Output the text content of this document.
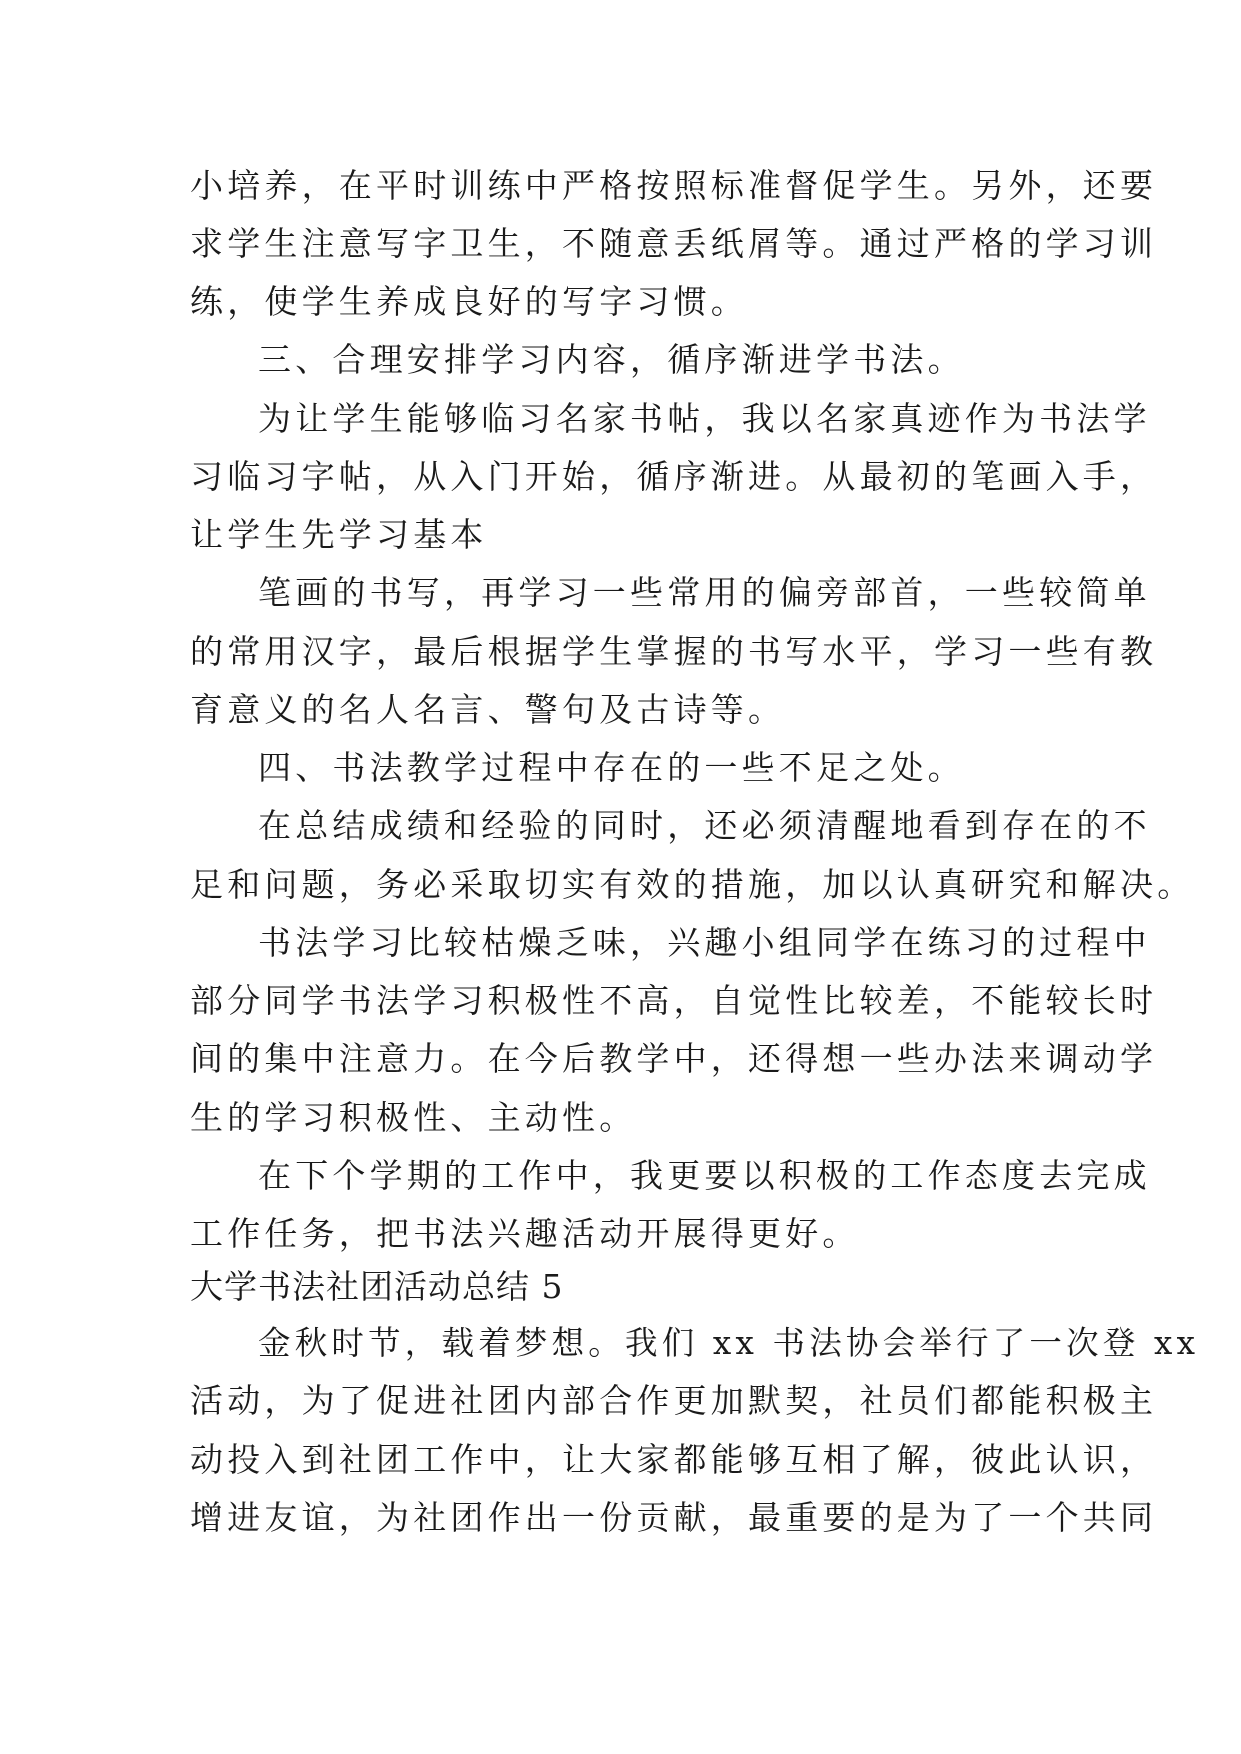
小培养，在平时训练中严格按照标准督促学生。另外，还要
求学生注意写字卫生，不随意丢纸屑等。通过严格的学习训
练，使学生养成良好的写字习惯。
三、合理安排学习内容，循序渐进学书法。
为让学生能够临习名家书帖，我以名家真迹作为书法学
习临习字帖，从入门开始，循序渐进。从最初的笔画入手，
让学生先学习基本
笔画的书写，再学习一些常用的偏旁部首，一些较简单
的常用汉字，最后根据学生掌握的书写水平，学习一些有教
育意义的名人名言、警句及古诗等。
四、书法教学过程中存在的一些不足之处。
在总结成绩和经验的同时，还必须清醒地看到存在的不
足和问题，务必采取切实有效的措施，加以认真研究和解决。
书法学习比较枯燥乏味，兴趣小组同学在练习的过程中
部分同学书法学习积极性不高，自觉性比较差，不能较长时
间的集中注意力。在今后教学中，还得想一些办法来调动学
生的学习积极性、主动性。
在下个学期的工作中，我更要以积极的工作态度去完成
工作任务，把书法兴趣活动开展得更好。
大学书法社团活动总结 5
金秋时节，载着梦想。我们 xx 书法协会举行了一次登 xx
活动，为了促进社团内部合作更加默契，社员们都能积极主
动投入到社团工作中，让大家都能够互相了解，彼此认识，
增进友谊，为社团作出一份贡献，最重要的是为了一个共同
